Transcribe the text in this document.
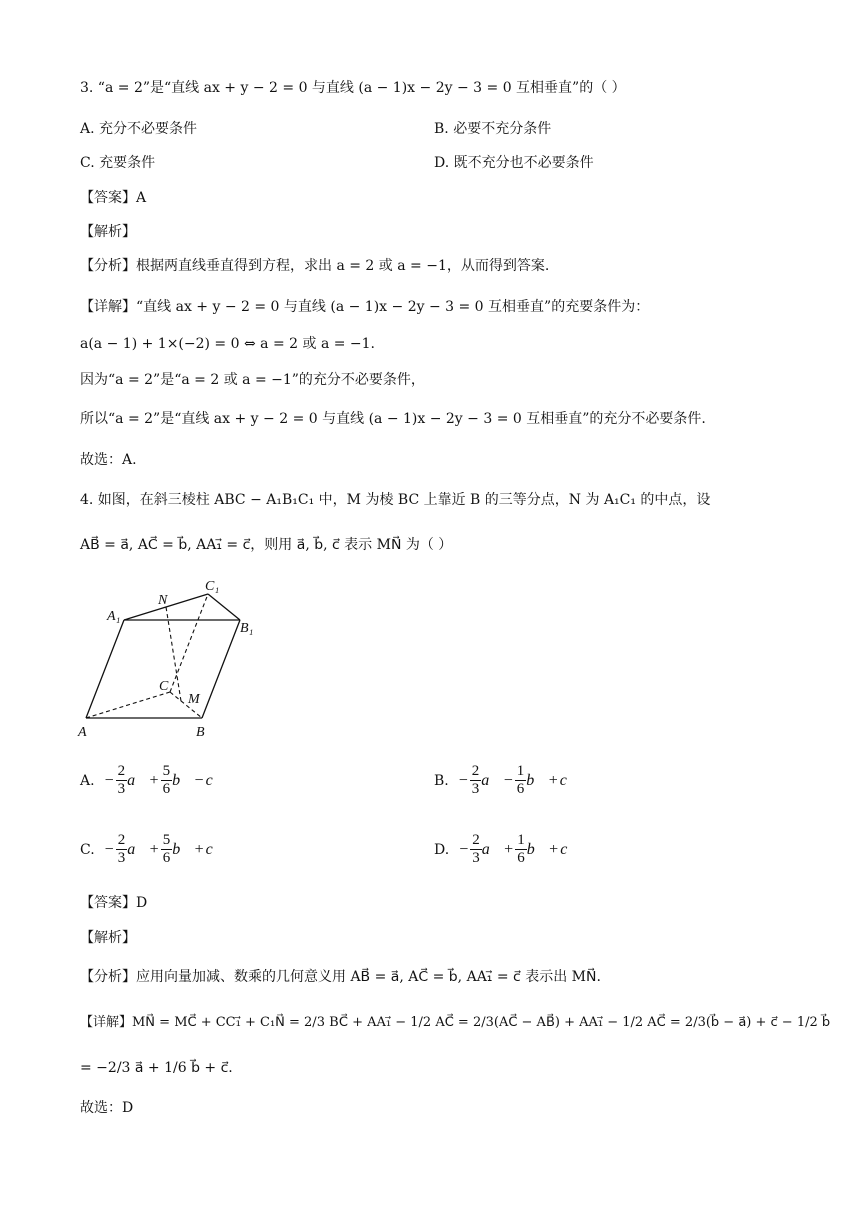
3. “a = 2”是“直线 ax + y − 2 = 0 与直线 (a − 1)x − 2y − 3 = 0 互相垂直”的（ ）
A. 充分不必要条件	B. 必要不充分条件
C. 充要条件	D. 既不充分也不必要条件
【答案】A
【解析】
【分析】根据两直线垂直得到方程，求出 a = 2 或 a = −1，从而得到答案.
【详解】“直线 ax + y − 2 = 0 与直线 (a − 1)x − 2y − 3 = 0 互相垂直”的充要条件为：
a(a − 1) + 1×(−2) = 0 ⇔ a = 2 或 a = −1.
因为“a = 2”是“a = 2 或 a = −1”的充分不必要条件，
所以“a = 2”是“直线 ax + y − 2 = 0 与直线 (a − 1)x − 2y − 3 = 0 互相垂直”的充分不必要条件.
故选：A.
4. 如图，在斜三棱柱 ABC − A₁B₁C₁ 中，M 为棱 BC 上靠近 B 的三等分点，N 为 A₁C₁ 的中点，设
AB⃗ = a⃗, AC⃗ = b⃗, AA₁⃗ = c⃗，则用 a⃗, b⃗, c⃗ 表示 MN⃗ 为（ ）
A	B
C
M
N
A₁
B₁
C₁
A. − $\frac{2}{3}$ a⃗ + $\frac{5}{6}$ b⃗ − c⃗	B. − $\frac{2}{3}$ a⃗ − $\frac{1}{6}$ b⃗ + c⃗
C. − $\frac{2}{3}$ a⃗ + $\frac{5}{6}$ b⃗ + c⃗	D. − $\frac{2}{3}$ a⃗ + $\frac{1}{6}$ b⃗ + c⃗
【答案】D
【解析】
【分析】应用向量加减、数乘的几何意义用 AB⃗ = a⃗, AC⃗ = b⃗, AA₁⃗ = c⃗ 表示出 MN⃗.
【详解】MN⃗ = MC⃗ + CC₁⃗ + C₁N⃗ = 2/3 BC⃗ + AA₁⃗ − 1/2 AC⃗ = 2/3(AC⃗ − AB⃗) + AA₁⃗ − 1/2 AC⃗ = 2/3(b⃗ − a⃗) + c⃗ − 1/2 b⃗
= −2/3 a⃗ + 1/6 b⃗ + c⃗.
故选：D
